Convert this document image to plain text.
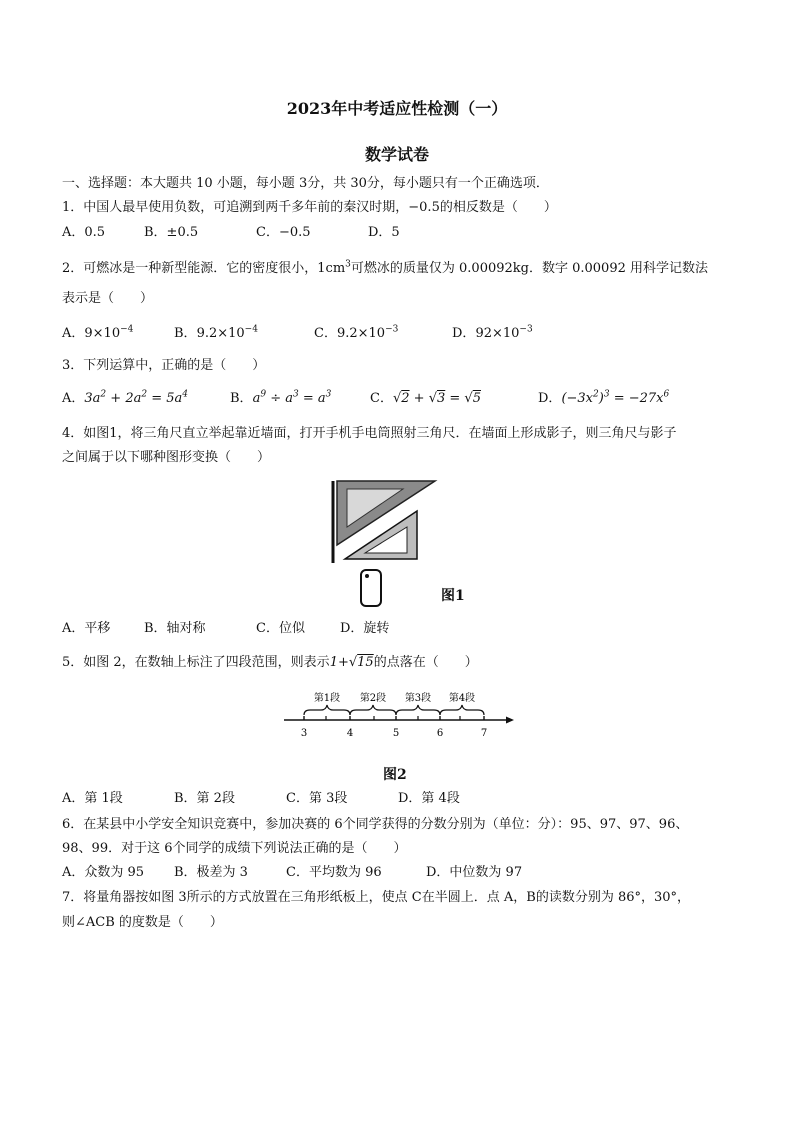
2023年中考适应性检测（一）
数学试卷
一、选择题：本大题共 10 小题，每小题 3分，共 30分，每小题只有一个正确选项．
1．中国人最早使用负数，可追溯到两千多年前的秦汉时期，−0.5的相反数是（　　）
A．0.5	B．±0.5	C．−0.5	D．5
2．可燃冰是一种新型能源．它的密度很小，$1cm^3$可燃冰的质量仅为 0.00092kg．数字 0.00092 用科学记数法
表示是（　　）
A．$9\times 10^{-4}$	B．$9.2\times 10^{-4}$	C．$9.2\times 10^{-3}$	D．$92\times 10^{-3}$
3．下列运算中，正确的是（　　）
A．$3a^2 + 2a^2 = 5a^4$	B．$a^9 \div a^3 = a^3$	C．√2 + √3 = √5	D．$(-3x^2)^3 = -27x^6$
4．如图1，将三角尺直立举起靠近墙面，打开手机手电筒照射三角尺．在墙面上形成影子，则三角尺与影子
之间属于以下哪种图形变换（　　）
图1
A．平移	B．轴对称	C．位似	D．旋转
5．如图 2，在数轴上标注了四段范围，则表示1+√15的点落在（　　）
第1段 第2段 第3段 第4段
3	4	5	6	7
图2
A．第 1段	B．第 2段	C．第 3段	D．第 4段
6．在某县中小学安全知识竞赛中，参加决赛的 6个同学获得的分数分别为（单位：分）：95、97、97、96、
98、99．对于这 6个同学的成绩下列说法正确的是（　　）
A．众数为 95 B．极差为 3	C．平均数为 96	D．中位数为 97
7．将量角器按如图 3所示的方式放置在三角形纸板上，使点 C在半圆上．点 A，B的读数分别为 86°，30°，
则∠ACB 的度数是（　　）
